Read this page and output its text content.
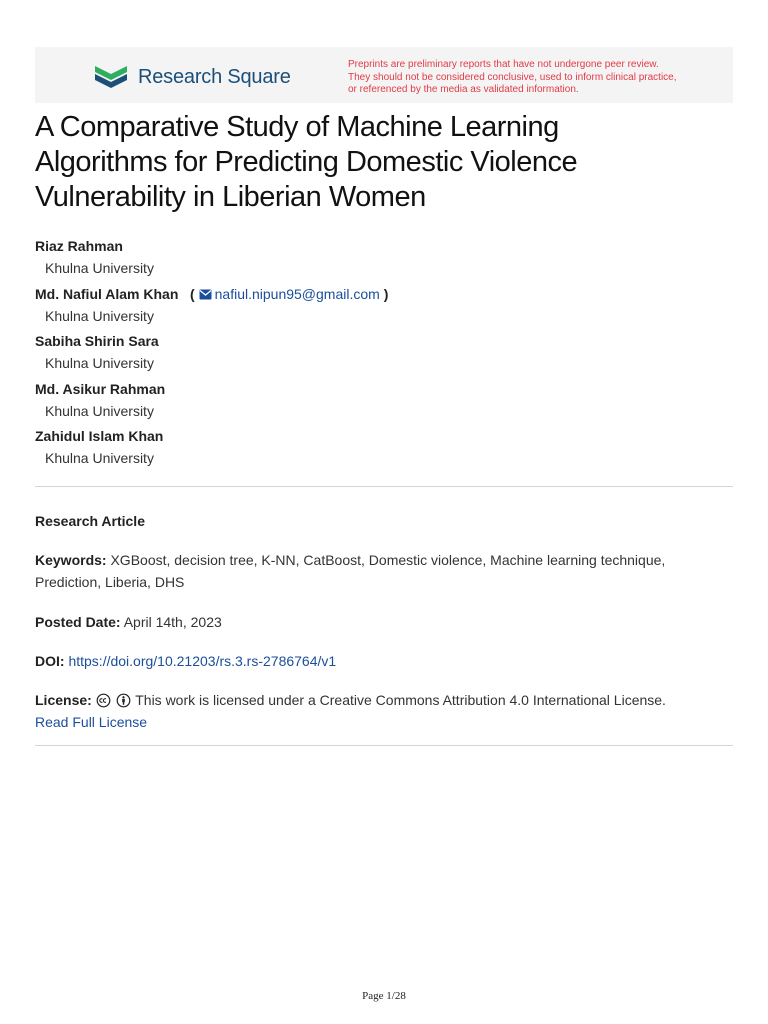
Research Square
Preprints are preliminary reports that have not undergone peer review.
They should not be considered conclusive, used to inform clinical practice,
or referenced by the media as validated information.
A Comparative Study of Machine Learning
Algorithms for Predicting Domestic Violence
Vulnerability in Liberian Women
Riaz Rahman
Khulna University
Md. Nafiul Alam Khan   ( nafiul.nipun95@gmail.com )
Khulna University
Sabiha Shirin Sara
Khulna University
Md. Asikur Rahman
Khulna University
Zahidul Islam Khan
Khulna University
Research Article
Keywords: XGBoost, decision tree, K-NN, CatBoost, Domestic violence, Machine learning technique,
Prediction, Liberia, DHS
Posted Date: April 14th, 2023
DOI: https://doi.org/10.21203/rs.3.rs-2786764/v1
License:	This work is licensed under a Creative Commons Attribution 4.0 International License.
Read Full License
Page 1/28
